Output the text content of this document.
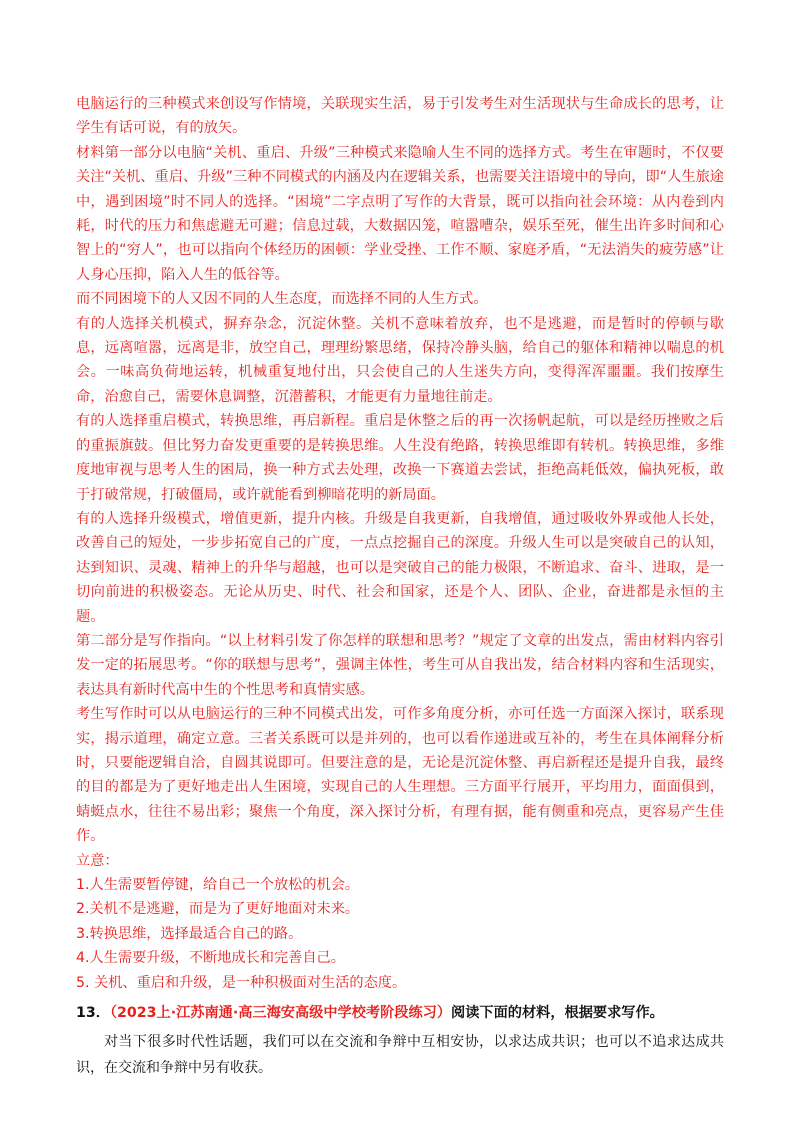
电脑运行的三种模式来创设写作情境，关联现实生活，易于引发考生对生活现状与生命成长的思考，让学生有话可说，有的放矢。

材料第一部分以电脑“关机、重启、升级”三种模式来隐喻人生不同的选择方式。考生在审题时，不仅要关注“关机、重启、升级”三种不同模式的内涵及内在逻辑关系，也需要关注语境中的导向，即“人生旅途中，遇到困境”时不同人的选择。“困境”二字点明了写作的大背景，既可以指向社会环境：从内卷到内耗，时代的压力和焦虑避无可避；信息过载，大数据囚笼，喧嚣嘈杂，娱乐至死，催生出许多时间和心智上的“穷人”，也可以指向个体经历的困顿：学业受挫、工作不顺、家庭矛盾，“无法消失的疲劳感”让人身心压抑，陷入人生的低谷等。

而不同困境下的人又因不同的人生态度，而选择不同的人生方式。

有的人选择关机模式，摒弃杂念，沉淀休整。关机不意味着放弃，也不是逃避，而是暂时的停顿与歇息，远离喧嚣，远离是非，放空自己，理理纷繁思绪，保持冷静头脑，给自己的躯体和精神以喘息的机会。一味高负荷地运转，机械重复地付出，只会使自己的人生迷失方向，变得浑浑噩噩。我们按摩生命，治愈自己，需要休息调整，沉潜蓄积，才能更有力量地往前走。

有的人选择重启模式，转换思维，再启新程。重启是休整之后的再一次扬帆起航，可以是经历挫败之后的重振旗鼓。但比努力奋发更重要的是转换思维。人生没有绝路，转换思维即有转机。转换思维，多维度地审视与思考人生的困局，换一种方式去处理，改换一下赛道去尝试，拒绝高耗低效，偏执死板，敢于打破常规，打破僵局，或许就能看到柳暗花明的新局面。

有的人选择升级模式，增值更新，提升内核。升级是自我更新，自我增值，通过吸收外界或他人长处，改善自己的短处，一步步拓宽自己的广度，一点点挖掘自己的深度。升级人生可以是突破自己的认知，达到知识、灵魂、精神上的升华与超越，也可以是突破自己的能力极限，不断追求、奋斗、进取，是一切向前进的积极姿态。无论从历史、时代、社会和国家，还是个人、团队、企业，奋进都是永恒的主题。

第二部分是写作指向。“以上材料引发了你怎样的联想和思考？”规定了文章的出发点，需由材料内容引发一定的拓展思考。“你的联想与思考”，强调主体性，考生可从自我出发，结合材料内容和生活现实，表达具有新时代高中生的个性思考和真情实感。

考生写作时可以从电脑运行的三种不同模式出发，可作多角度分析，亦可任选一方面深入探讨，联系现实，揭示道理，确定立意。三者关系既可以是并列的，也可以看作递进或互补的，考生在具体阐释分析时，只要能逻辑自洽，自圆其说即可。但要注意的是，无论是沉淀休整、再启新程还是提升自我，最终的目的都是为了更好地走出人生困境，实现自己的人生理想。三方面平行展开，平均用力，面面俱到，蜻蜓点水，往往不易出彩；聚焦一个角度，深入探讨分析，有理有据，能有侧重和亮点，更容易产生佳作。

立意：

1.人生需要暂停键，给自己一个放松的机会。

2.关机不是逃避，而是为了更好地面对未来。

3.转换思维，选择最适合自己的路。

4.人生需要升级，不断地成长和完善自己。

5. 关机、重启和升级，是一种积极面对生活的态度。

13．（2023上·江苏南通·高三海安高级中学校考阶段练习）阅读下面的材料，根据要求写作。
对当下很多时代性话题，我们可以在交流和争辩中互相安协，以求达成共识；也可以不追求达成共识，在交流和争辩中另有收获。
